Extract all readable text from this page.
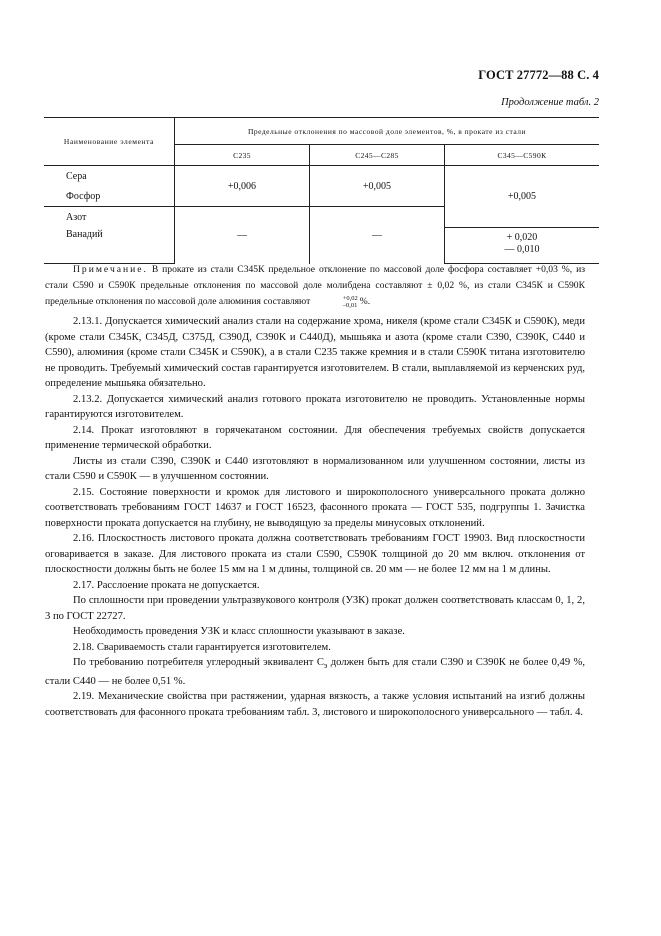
ГОСТ 27772—88 С. 4
Продолжение табл. 2
Наименование элемента	Предельные отклонения по массовой доле элементов, %, в прокате из стали		
	С235	С245—С285	С345—С590К
Сера	+0,006	+0,005	+0,005
Фосфор			
Азот	—	—	
Ванадий			+ 0,020
— 0,010
Примечание. В прокате из стали С345К предельное отклонение по массовой доле фосфора составляет +0,03 %, из стали С590 и С590К предельные отклонения по массовой доле молибдена составляют ± 0,02 %, из стали С345К и С590К предельные отклонения по массовой доле алюминия составляют	+0,02
–0,01 %.

2.13.1. Допускается химический анализ стали на содержание хрома, никеля (кроме стали С345К и С590К), меди (кроме стали С345К, С345Д, С375Д, С390Д, С390К и С440Д), мышьяка и азота (кроме стали С390, С390К, С440 и С590), алюминия (кроме стали С345К и С590К), а в стали С235 также кремния и в стали С590К титана изготовителю не проводить. Требуемый химический состав гарантируется изготовителем. В стали, выплавляемой из керченских руд, определение мышьяка обязательно.

2.13.2. Допускается химический анализ готового проката изготовителю не проводить. Установленные нормы гарантируются изготовителем.

2.14. Прокат изготовляют в горячекатаном состоянии. Для обеспечения требуемых свойств допускается применение термической обработки.

Листы из стали С390, С390К и С440 изготовляют в нормализованном или улучшенном состоянии, листы из стали С590 и С590К — в улучшенном состоянии.

2.15. Состояние поверхности и кромок для листового и широкополосного универсального проката должно соответствовать требованиям ГОСТ 14637 и ГОСТ 16523, фасонного проката — ГОСТ 535, подгруппы 1. Зачистка поверхности проката допускается на глубину, не выводящую за пределы минусовых отклонений.

2.16. Плоскостность листового проката должна соответствовать требованиям ГОСТ 19903. Вид плоскостности оговаривается в заказе. Для листового проката из стали С590, С590К толщиной до 20 мм включ. отклонения от плоскостности должны быть не более 15 мм на 1 м длины, толщиной св. 20 мм — не более 12 мм на 1 м длины.

2.17. Расслоение проката не допускается.

По сплошности при проведении ультразвукового контроля (УЗК) прокат должен соответствовать классам 0, 1, 2, 3 по ГОСТ 22727.

Необходимость проведения УЗК и класс сплошности указывают в заказе.

2.18. Свариваемость стали гарантируется изготовителем.

По требованию потребителя углеродный эквивалент $С_э$ должен быть для стали С390 и С390К не более 0,49 %, стали С440 — не более 0,51 %.

2.19. Механические свойства при растяжении, ударная вязкость, а также условия испытаний на изгиб должны соответствовать для фасонного проката требованиям табл. 3, листового и широкополосного универсального — табл. 4.
